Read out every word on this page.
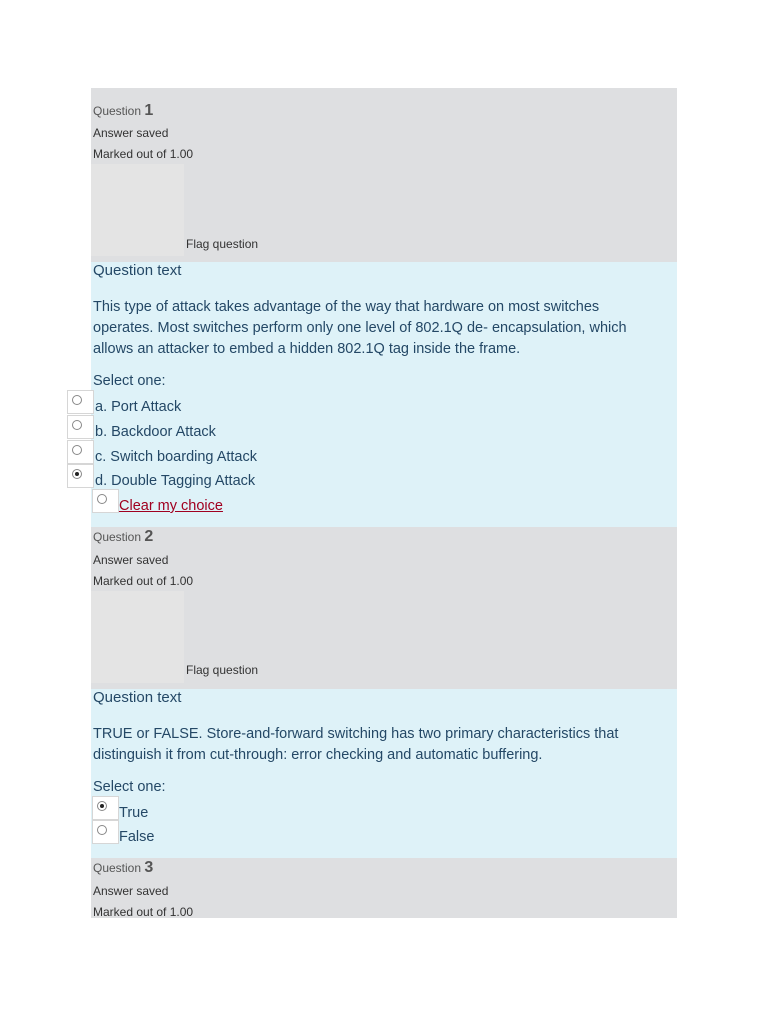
Question 1
Answer saved
Marked out of 1.00
Flag question
Question text
This type of attack takes advantage of the way that hardware on most switches operates. Most switches perform only one level of 802.1Q de- encapsulation, which allows an attacker to embed a hidden 802.1Q tag inside the frame.
Select one:
a. Port Attack
b. Backdoor Attack
c. Switch boarding Attack
d. Double Tagging Attack
Clear my choice
Question 2
Answer saved
Marked out of 1.00
Flag question
Question text
TRUE or FALSE. Store-and-forward switching has two primary characteristics that distinguish it from cut-through: error checking and automatic buffering.
Select one:
True
False
Question 3
Answer saved
Marked out of 1.00
